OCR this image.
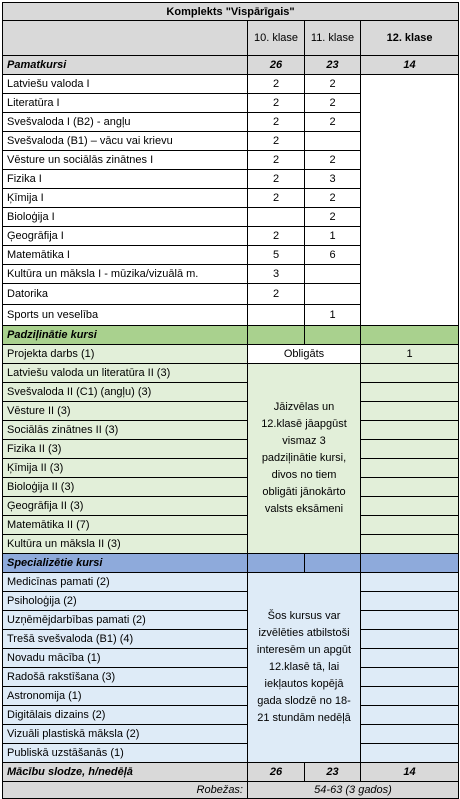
Komplekts "Vispārīgais"			
	10. klase	11. klase	12. klase
Pamatkursi	26	23	14
Latviešu valoda I	2	2	
Literatūra I	2	2	
Svešvaloda I (B2) - angļu	2	2	
Svešvaloda (B1) – vācu vai krievu	2		
Vēsture un sociālās zinātnes I	2	2	
Fizika I	2	3	
Ķīmija I	2	2	
Bioloģija I		2	
Ģeogrāfija I	2	1	
Matemātika I	5	6	
Kultūra un māksla I - mūzika/vizuālā m.	3		
Datorika	2		
Sports un veselība		1	
Padziļinātie kursi			
Projekta darbs (1)	Obligāts		1
Latviešu valoda un literatūra II (3)	Jāizvēlas un 12.klasē jāapgūst vismaz 3 padziļinātie kursi, divos no tiem obligāti jānokārto valsts eksāmeni		
Svešvaloda II (C1) (angļu) (3)			
Vēsture II (3)			
Sociālās zinātnes II (3)			
Fizika II (3)			
Ķīmija II (3)			
Bioloģija II (3)			
Ģeogrāfija II (3)			
Matemātika II (7)			
Kultūra un māksla II (3)			
Specializētie kursi			
Medicīnas pamati (2)	Šos kursus var izvēlēties atbilstoši interesēm un apgūt 12.klasē tā, lai iekļautos kopējā gada slodzē no 18-21 stundām nedēļā		
Psiholoģija (2)			
Uzņēmējdarbības pamati (2)			
Trešā svešvaloda (B1) (4)			
Novadu mācība (1)			
Radošā rakstīšana (3)			
Astronomija (1)			
Digitālais dizains (2)			
Vizuāli plastiskā māksla (2)			
Publiskā uzstāšanās (1)			
Mācību slodze, h/nedēļā	26	23	14
Robežas:	54-63 (3 gados)		
